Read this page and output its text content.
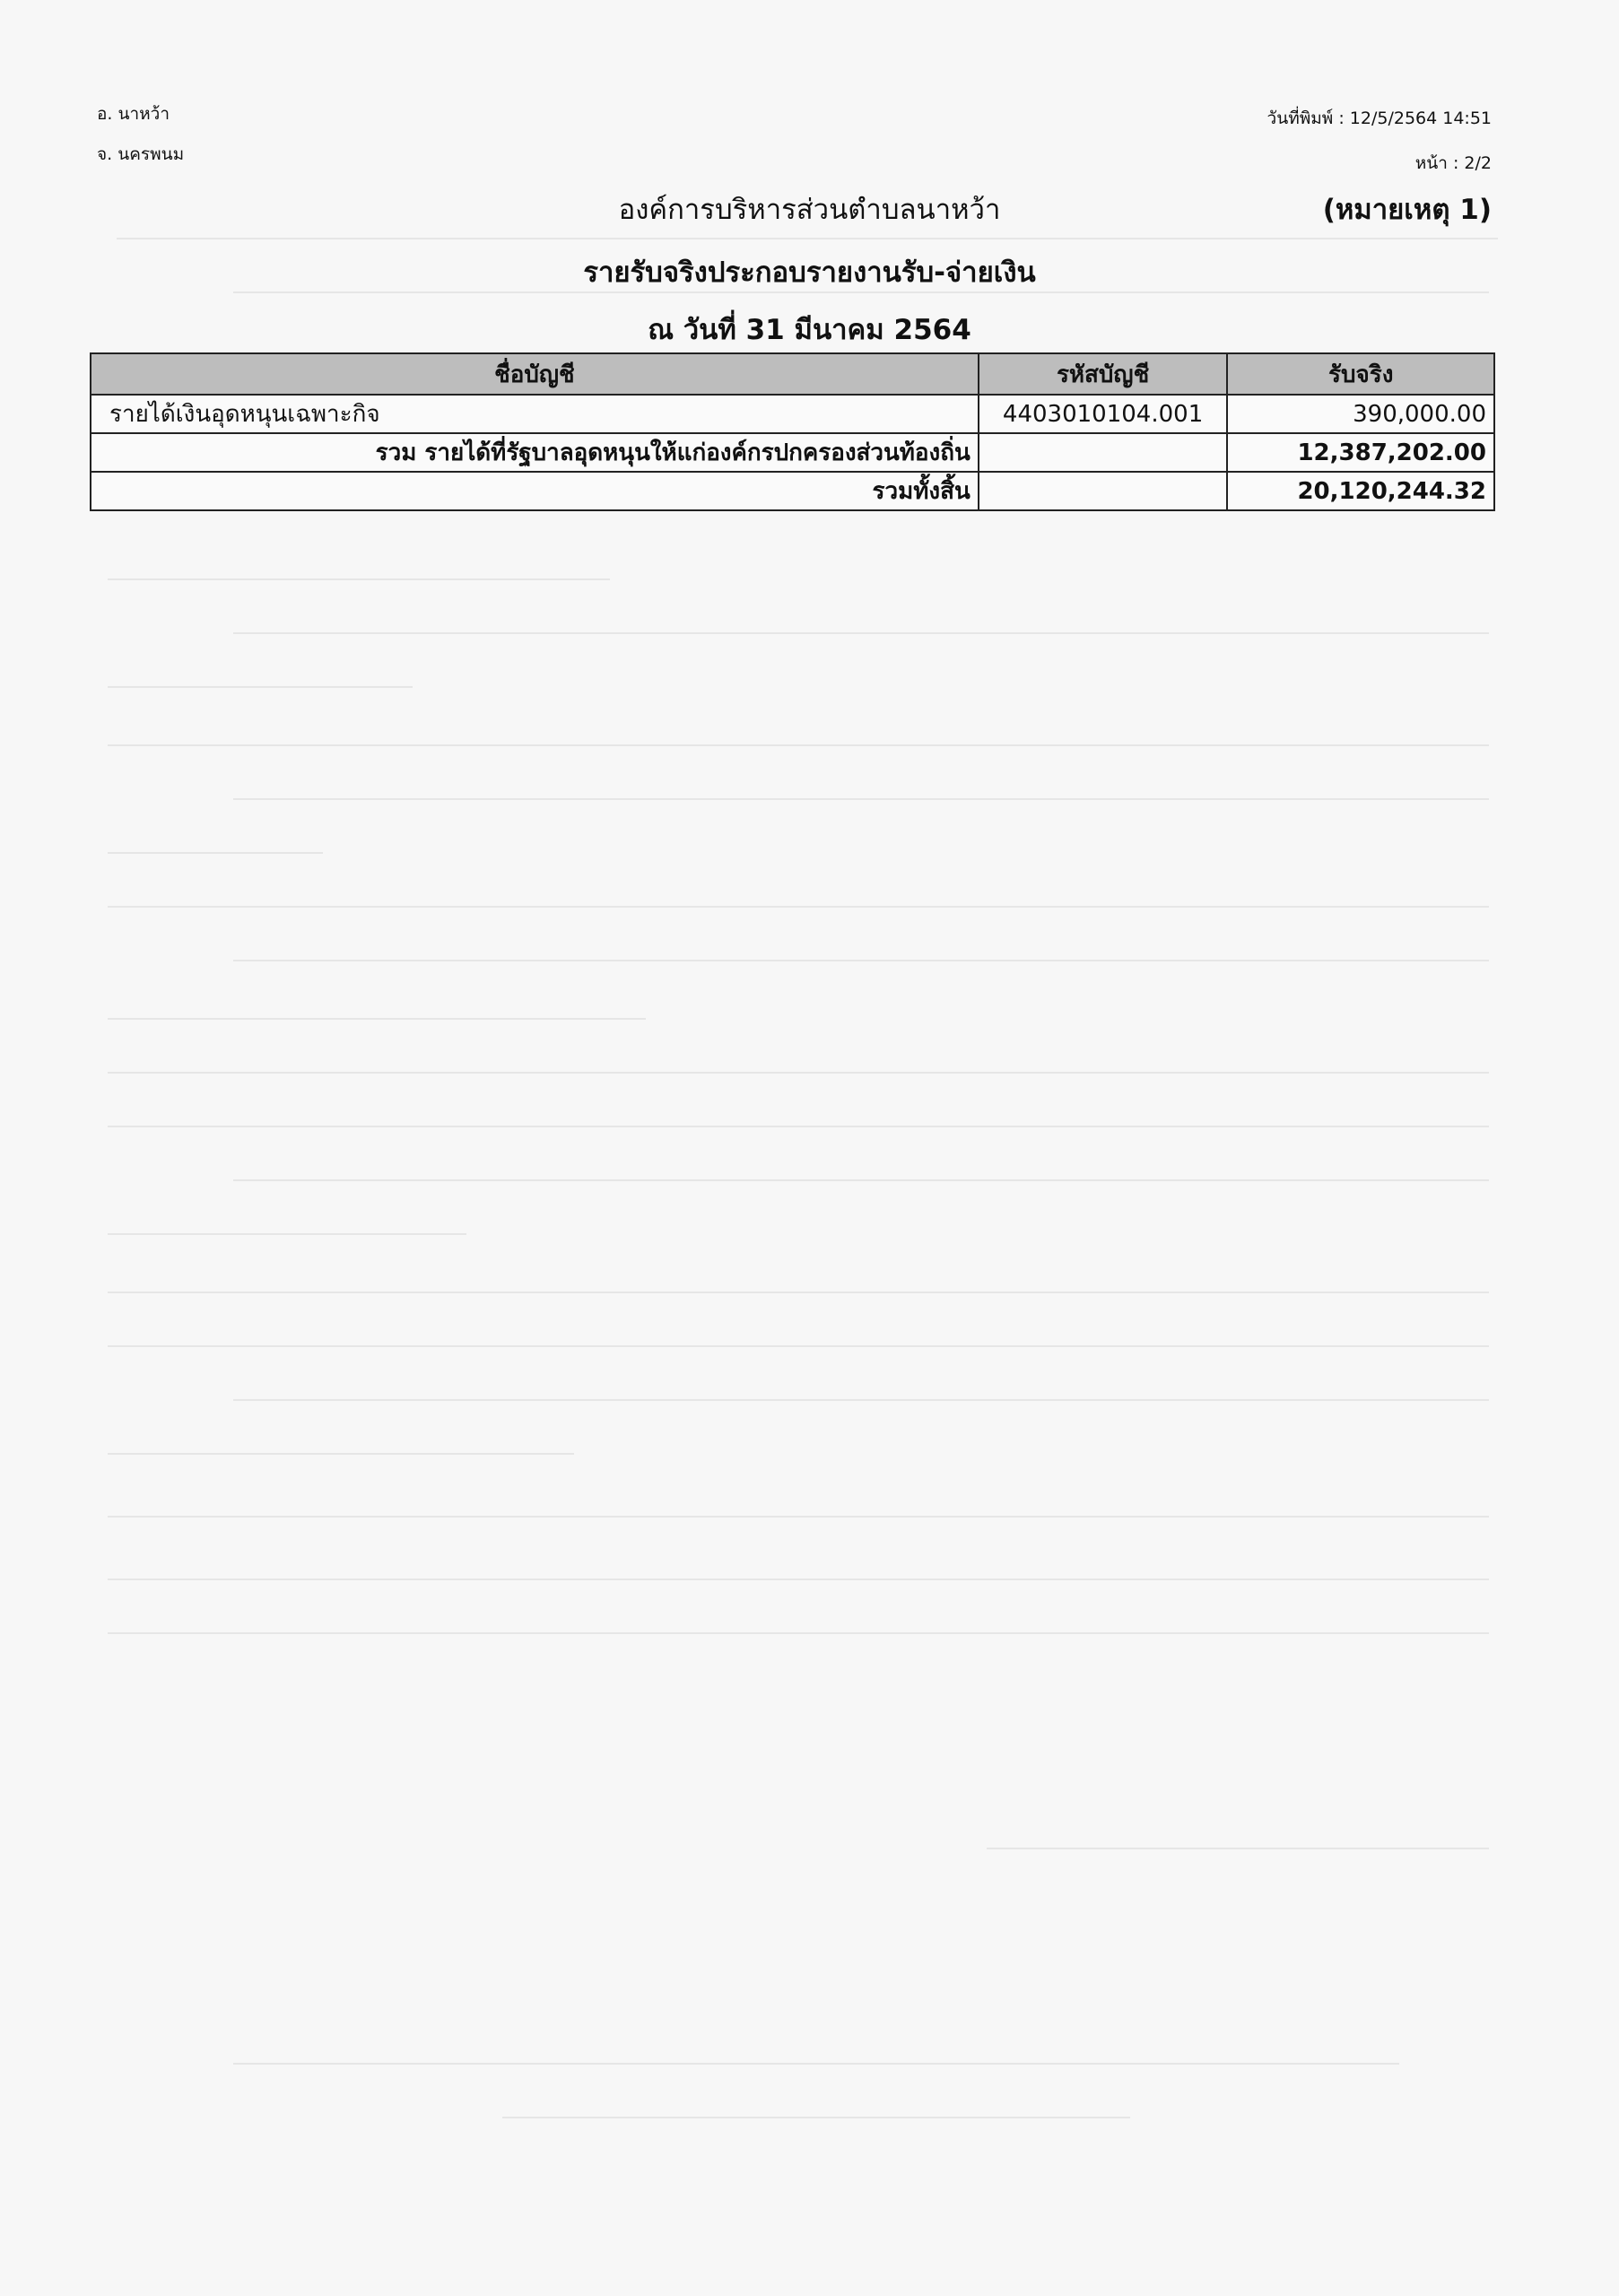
อ. นาหว้า
จ. นครพนม
วันที่พิมพ์ : 12/5/2564 14:51
หน้า : 2/2
องค์การบริหารส่วนตำบลนาหว้า	(หมายเหตุ 1)
รายรับจริงประกอบรายงานรับ-จ่ายเงิน
ณ วันที่ 31 มีนาคม 2564
ชื่อบัญชี	รหัสบัญชี	รับจริง
รายได้เงินอุดหนุนเฉพาะกิจ	4403010104.001	390,000.00
รวม รายได้ที่รัฐบาลอุดหนุนให้แก่องค์กรปกครองส่วนท้องถิ่น		12,387,202.00
รวมทั้งสิ้น		20,120,244.32
